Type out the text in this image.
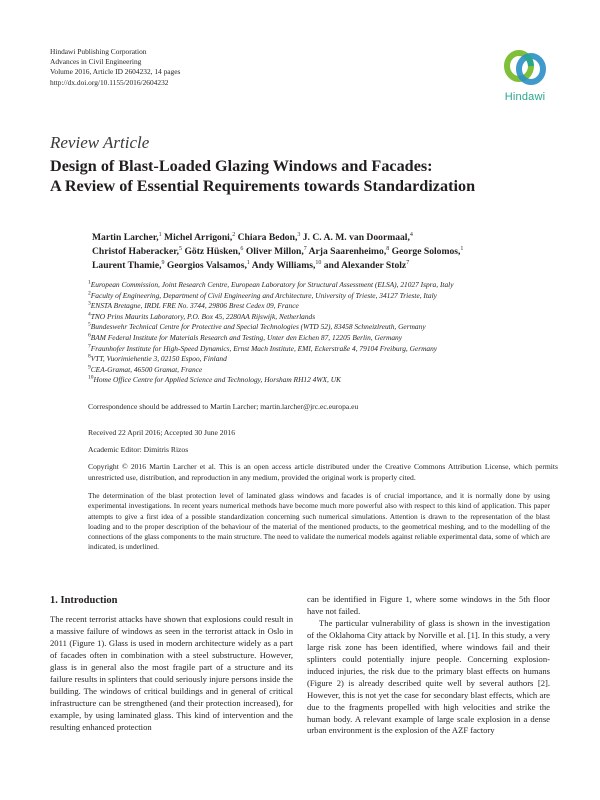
Hindawi Publishing Corporation
Advances in Civil Engineering
Volume 2016, Article ID 2604232, 14 pages
http://dx.doi.org/10.1155/2016/2604232
Hindawi
Review Article
Design of Blast-Loaded Glazing Windows and Facades:
A Review of Essential Requirements towards Standardization
Martin Larcher,$^1$ Michel Arrigoni,$^2$ Chiara Bedon,$^3$ J. C. A. M. van Doormaal,$^4$
Christof Haberacker,$^5$ Götz Hüsken,$^6$ Oliver Millon,$^7$ Arja Saarenheimo,$^8$ George Solomos,$^1$
Laurent Thamie,$^9$ Georgios Valsamos,$^1$ Andy Williams,$^{10}$ and Alexander Stolz$^7$
$^1$European Commission, Joint Research Centre, European Laboratory for Structural Assessment (ELSA), 21027 Ispra, Italy
$^2$Faculty of Engineering, Department of Civil Engineering and Architecture, University of Trieste, 34127 Trieste, Italy
$^3$ENSTA Bretagne, IRDL FRE No. 3744, 29806 Brest Cedex 09, France
$^4$TNO Prins Maurits Laboratory, P.O. Box 45, 2280AA Rijswijk, Netherlands
$^5$Bundeswehr Technical Centre for Protective and Special Technologies (WTD 52), 83458 Schneizlreuth, Germany
$^6$BAM Federal Institute for Materials Research and Testing, Unter den Eichen 87, 12205 Berlin, Germany
$^7$Fraunhofer Institute for High-Speed Dynamics, Ernst Mach Institute, EMI, Eckerstraße 4, 79104 Freiburg, Germany
$^8$VTT, Vuorimiehentie 3, 02150 Espoo, Finland
$^9$CEA-Gramat, 46500 Gramat, France
$^{10}$Home Office Centre for Applied Science and Technology, Horsham RH12 4WX, UK
Correspondence should be addressed to Martin Larcher; martin.larcher@jrc.ec.europa.eu
Received 22 April 2016; Accepted 30 June 2016
Academic Editor: Dimitris Rizos
Copyright © 2016 Martin Larcher et al. This is an open access article distributed under the Creative Commons Attribution License, which permits unrestricted use, distribution, and reproduction in any medium, provided the original work is properly cited.
The determination of the blast protection level of laminated glass windows and facades is of crucial importance, and it is normally done by using experimental investigations. In recent years numerical methods have become much more powerful also with respect to this kind of application. This paper attempts to give a first idea of a possible standardization concerning such numerical simulations. Attention is drawn to the representation of the blast loading and to the proper description of the behaviour of the material of the mentioned products, to the geometrical meshing, and to the modelling of the connections of the glass components to the main structure. The need to validate the numerical models against reliable experimental data, some of which are indicated, is underlined.
1. Introduction

The recent terrorist attacks have shown that explosions could result in a massive failure of windows as seen in the terrorist attack in Oslo in 2011 (Figure 1). Glass is used in modern architecture widely as a part of facades often in combination with a steel substructure. However, glass is in general also the most fragile part of a structure and its failure results in splinters that could seriously injure persons inside the building. The windows of critical buildings and in general of critical infrastructure can be strengthened (and their protection increased), for example, by using laminated glass. This kind of intervention and the resulting enhanced protection

can be identified in Figure 1, where some windows in the 5th floor have not failed.

The particular vulnerability of glass is shown in the investigation of the Oklahoma City attack by Norville et al. [1]. In this study, a very large risk zone has been identified, where windows fail and their splinters could potentially injure people. Concerning explosion-induced injuries, the risk due to the primary blast effects on humans (Figure 2) is already described quite well by several authors [2]. However, this is not yet the case for secondary blast effects, which are due to the fragments propelled with high velocities and strike the human body. A relevant example of large scale explosion in a dense urban environment is the explosion of the AZF factory
